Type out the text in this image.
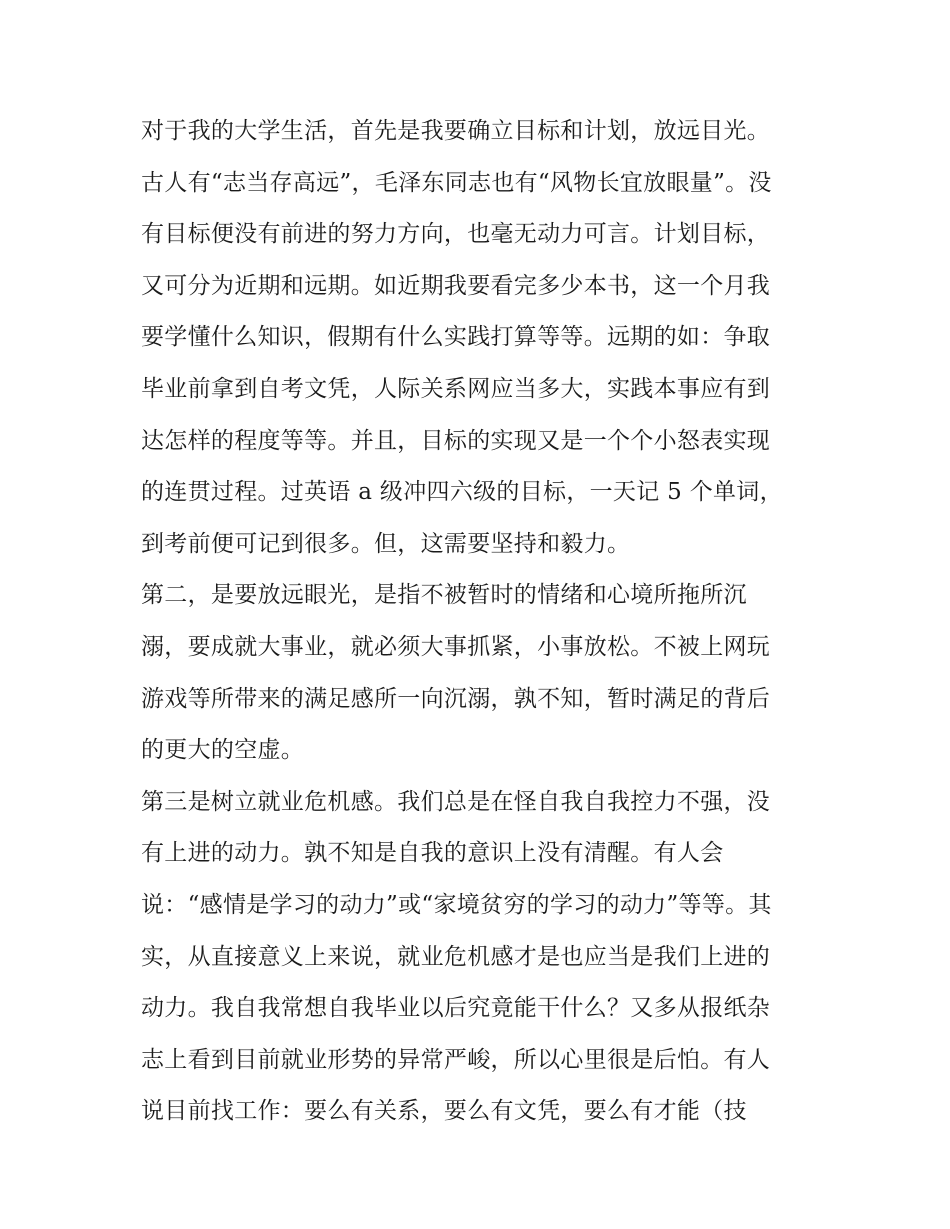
对于我的大学生活，首先是我要确立目标和计划，放远目光。
古人有“志当存高远”，毛泽东同志也有“风物长宜放眼量”。没
有目标便没有前进的努力方向，也毫无动力可言。计划目标，
又可分为近期和远期。如近期我要看完多少本书，这一个月我
要学懂什么知识，假期有什么实践打算等等。远期的如：争取
毕业前拿到自考文凭，人际关系网应当多大，实践本事应有到
达怎样的程度等等。并且，目标的实现又是一个个小怒表实现
的连贯过程。过英语 a 级冲四六级的目标，一天记 5 个单词，
到考前便可记到很多。但，这需要坚持和毅力。
第二，是要放远眼光，是指不被暂时的情绪和心境所拖所沉
溺，要成就大事业，就必须大事抓紧，小事放松。不被上网玩
游戏等所带来的满足感所一向沉溺，孰不知，暂时满足的背后
的更大的空虚。
第三是树立就业危机感。我们总是在怪自我自我控力不强，没
有上进的动力。孰不知是自我的意识上没有清醒。有人会
说：“感情是学习的动力”或“家境贫穷的学习的动力”等等。其
实，从直接意义上来说，就业危机感才是也应当是我们上进的
动力。我自我常想自我毕业以后究竟能干什么？又多从报纸杂
志上看到目前就业形势的异常严峻，所以心里很是后怕。有人
说目前找工作：要么有关系，要么有文凭，要么有才能（技
